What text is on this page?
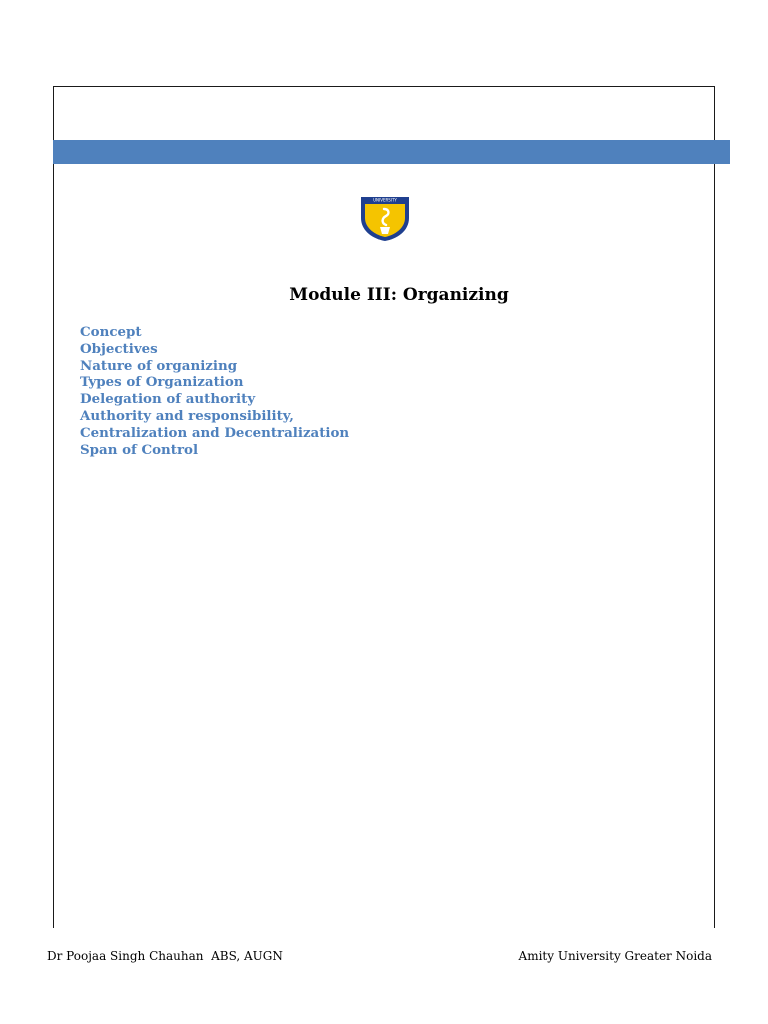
UNIVERSITY
Module III: Organizing
Concept
Objectives
Nature of organizing
Types of Organization
Delegation of authority
Authority and responsibility,
Centralization and Decentralization
Span of Control
Dr Poojaa Singh Chauhan  ABS, AUGN	Amity University Greater Noida
